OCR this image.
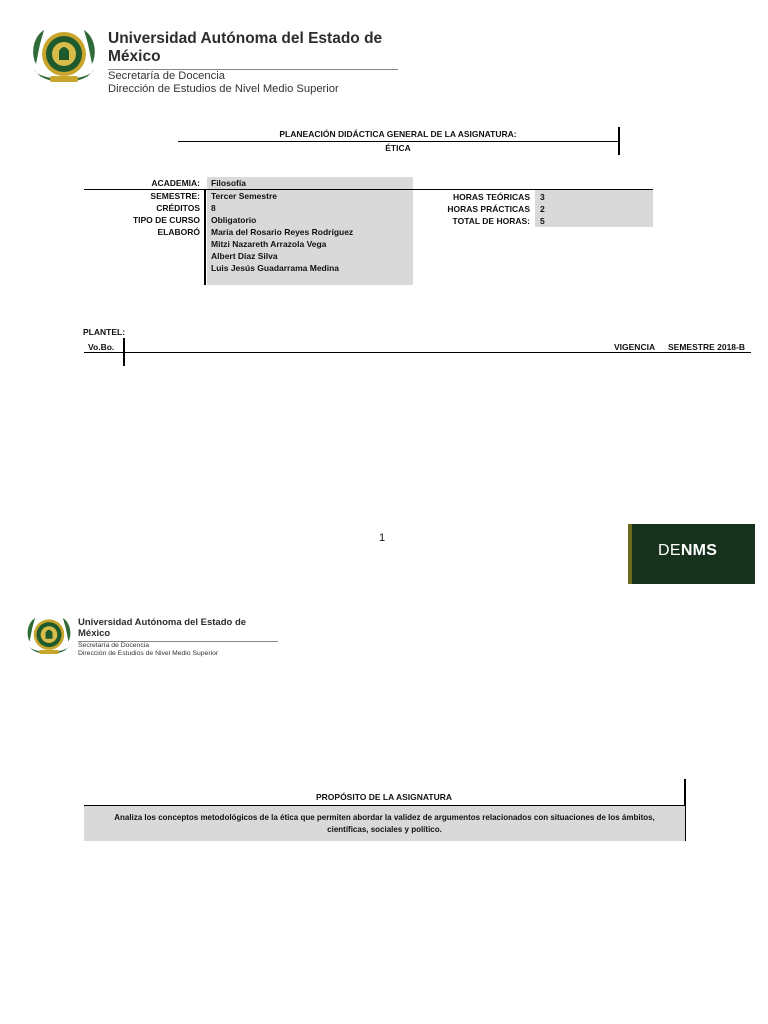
Universidad Autónoma del Estado de México
Secretaría de Docencia
Dirección de Estudios de Nivel Medio Superior
PLANEACIÓN DIDÁCTICA GENERAL DE LA ASIGNATURA:
ÉTICA
ACADEMIA:
SEMESTRE:
CRÉDITOS
TIPO DE CURSO
ELABORÓ
Filosofía
Tercer Semestre
8
Obligatorio
María del Rosario Reyes Rodríguez
Mitzi Nazareth Arrazola Vega
Albert Díaz Silva
Luis Jesús Guadarrama Medina
HORAS TEÓRICAS
HORAS PRÁCTICAS
TOTAL DE HORAS:
3
2
5
PLANTEL:
Vo.Bo.	VIGENCIA SEMESTRE 2018-B
1
DENMS
Universidad Autónoma del Estado de México
Secretaría de Docencia
Dirección de Estudios de Nivel Medio Superior
PROPÓSITO DE LA ASIGNATURA
Analiza los conceptos metodológicos de la ética que permiten abordar la validez de argumentos relacionados con situaciones de los ámbitos, científicas, sociales y político.
